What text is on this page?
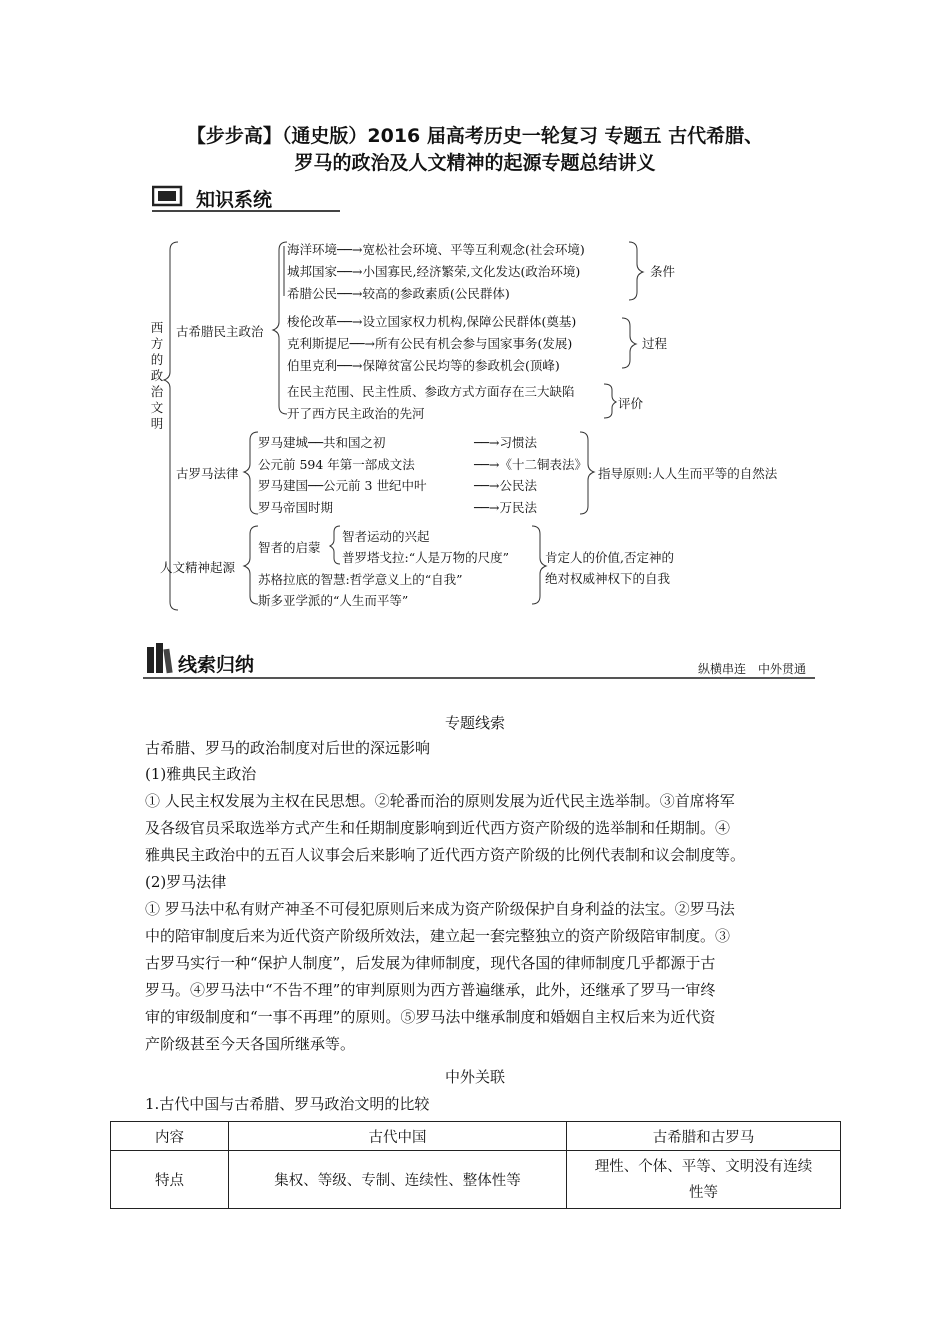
【步步高】（通史版）2016 届高考历史一轮复习 专题五 古代希腊、
罗马的政治及人文精神的起源专题总结讲义
知识系统
西方的政治文明
古希腊民主政治
海洋环境──→宽松社会环境、平等互利观念(社会环境)
城邦国家──→小国寡民,经济繁荣,文化发达(政治环境)
希腊公民──→较高的参政素质(公民群体)
条件
梭伦改革──→设立国家权力机构,保障公民群体(奠基)
克利斯提尼──→所有公民有机会参与国家事务(发展)
伯里克利──→保障贫富公民均等的参政机会(顶峰)
过程
在民主范围、民主性质、参政方式方面存在三大缺陷
开了西方民主政治的先河
评价
古罗马法律
罗马建城──共和国之初
公元前 594 年第一部成文法
罗马建国──公元前 3 世纪中叶
罗马帝国时期
──→习惯法
──→《十二铜表法》
──→公民法
──→万民法
指导原则:人人生而平等的自然法
人文精神起源
智者的启蒙
智者运动的兴起
普罗塔戈拉:“人是万物的尺度”
苏格拉底的智慧:哲学意义上的“自我”
斯多亚学派的“人生而平等”
肯定人的价值,否定神的
绝对权威神权下的自我
线索归纳	纵横串连　中外贯通
专题线索
古希腊、罗马的政治制度对后世的深远影响
(1)雅典民主政治
① 人民主权发展为主权在民思想。②轮番而治的原则发展为近代民主选举制。③首席将军
及各级官员采取选举方式产生和任期制度影响到近代西方资产阶级的选举制和任期制。④
雅典民主政治中的五百人议事会后来影响了近代西方资产阶级的比例代表制和议会制度等。
(2)罗马法律
① 罗马法中私有财产神圣不可侵犯原则后来成为资产阶级保护自身利益的法宝。②罗马法
中的陪审制度后来为近代资产阶级所效法，建立起一套完整独立的资产阶级陪审制度。③
古罗马实行一种“保护人制度”，后发展为律师制度，现代各国的律师制度几乎都源于古
罗马。④罗马法中“不告不理”的审判原则为西方普遍继承，此外，还继承了罗马一审终
审的审级制度和“一事不再理”的原则。⑤罗马法中继承制度和婚姻自主权后来为近代资
产阶级甚至今天各国所继承等。
中外关联
1.古代中国与古希腊、罗马政治文明的比较
内容	古代中国	古希腊和古罗马
特点	集权、等级、专制、连续性、整体性等	理性、个体、平等、文明没有连续
性等
